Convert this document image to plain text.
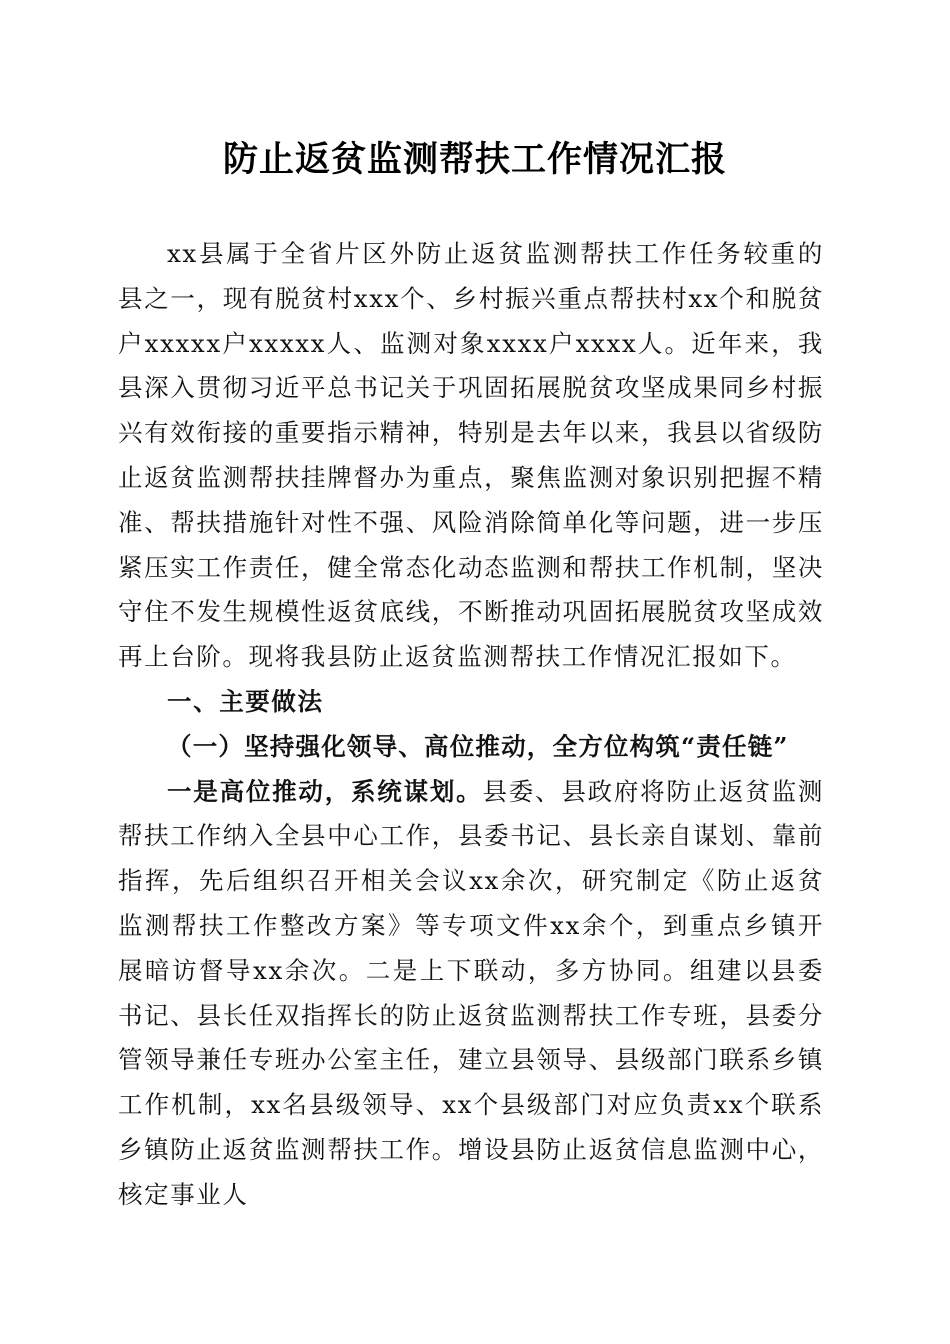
防止返贫监测帮扶工作情况汇报

xx县属于全省片区外防止返贫监测帮扶工作任务较重的县之一，现有脱贫村xxx个、乡村振兴重点帮扶村xx个和脱贫户xxxxx户xxxxx人、监测对象xxxx户xxxx人。近年来，我县深入贯彻习近平总书记关于巩固拓展脱贫攻坚成果同乡村振兴有效衔接的重要指示精神，特别是去年以来，我县以省级防止返贫监测帮扶挂牌督办为重点，聚焦监测对象识别把握不精准、帮扶措施针对性不强、风险消除简单化等问题，进一步压紧压实工作责任，健全常态化动态监测和帮扶工作机制，坚决守住不发生规模性返贫底线，不断推动巩固拓展脱贫攻坚成效再上台阶。现将我县防止返贫监测帮扶工作情况汇报如下。

一、主要做法

（一）坚持强化领导、高位推动，全方位构筑“责任链”

一是高位推动，系统谋划。县委、县政府将防止返贫监测帮扶工作纳入全县中心工作，县委书记、县长亲自谋划、靠前指挥，先后组织召开相关会议xx余次，研究制定《防止返贫监测帮扶工作整改方案》等专项文件xx余个，到重点乡镇开展暗访督导xx余次。二是上下联动，多方协同。组建以县委书记、县长任双指挥长的防止返贫监测帮扶工作专班，县委分管领导兼任专班办公室主任，建立县领导、县级部门联系乡镇工作机制，xx名县级领导、xx个县级部门对应负责xx个联系乡镇防止返贫监测帮扶工作。增设县防止返贫信息监测中心，核定事业人
